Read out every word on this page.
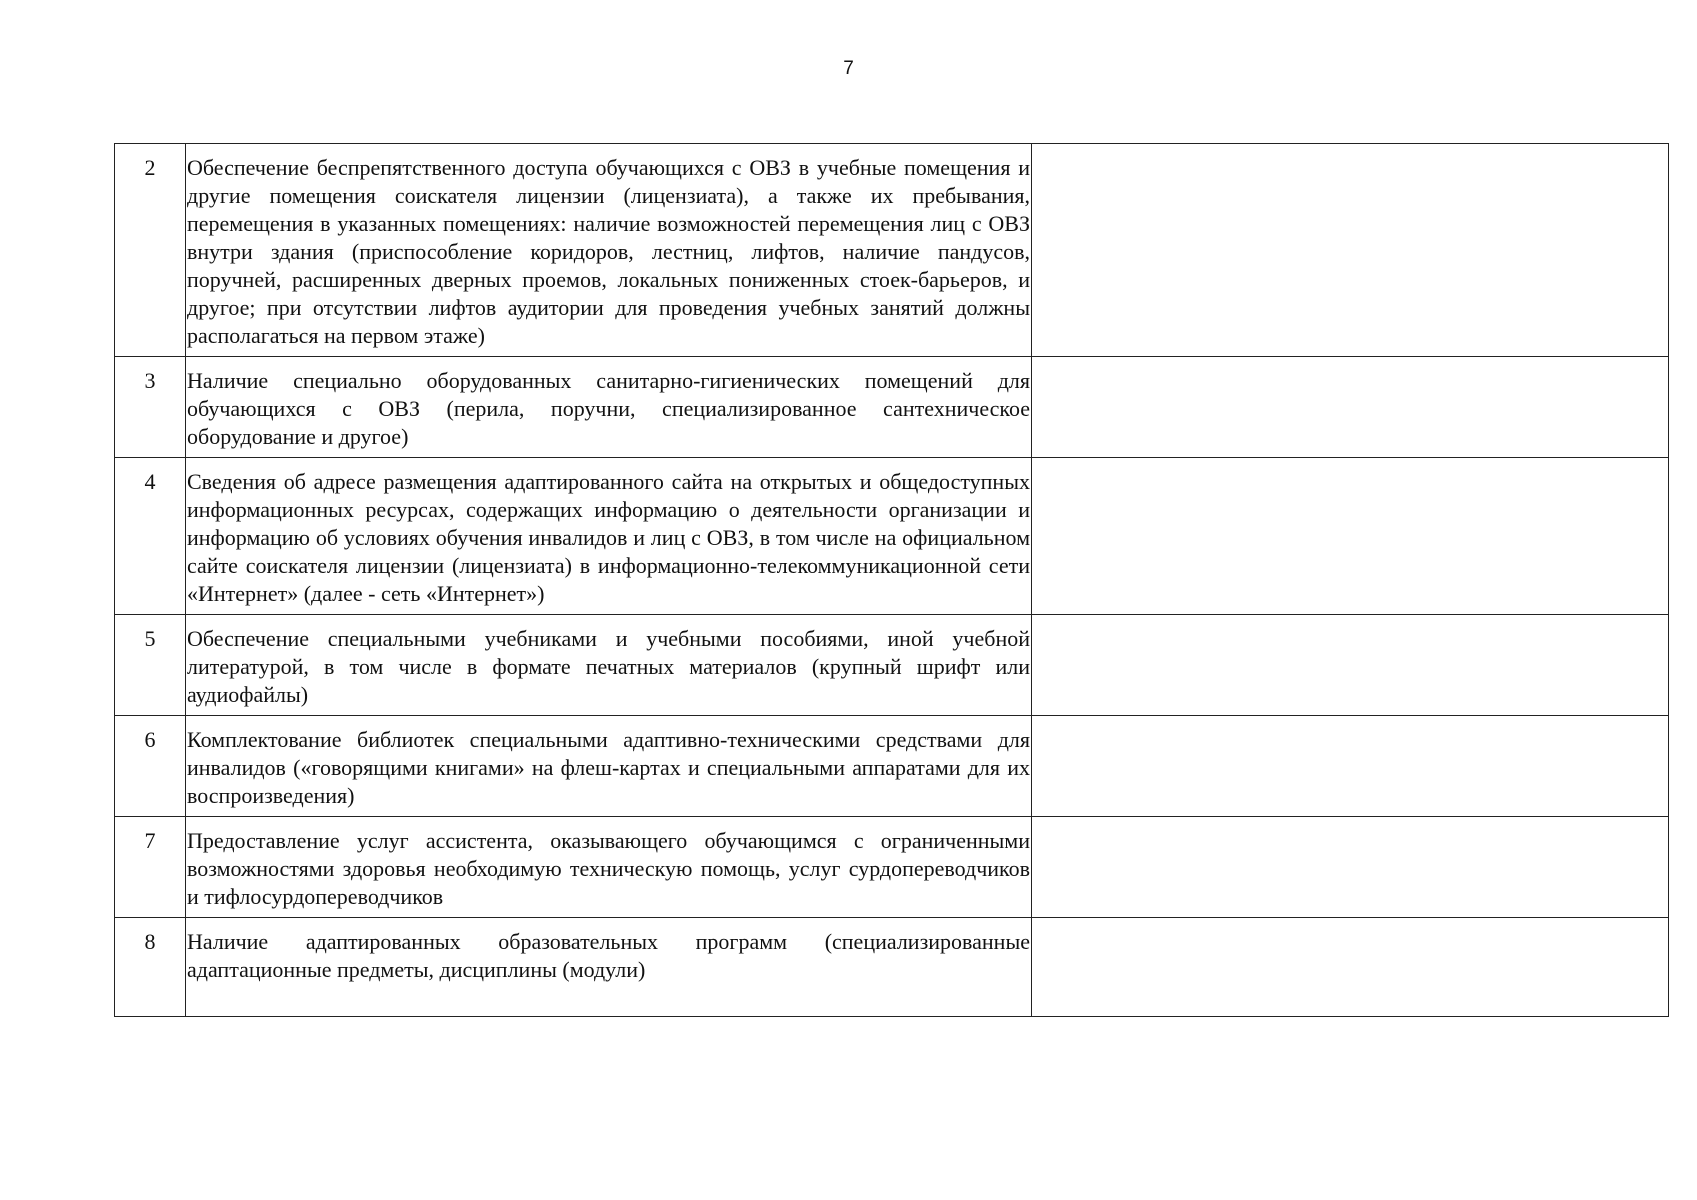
7
2	Обеспечение беспрепятственного доступа обучающихся с ОВЗ в учебные помещения и другие помещения соискателя лицензии (лицензиата), а также их пребывания, перемещения в указанных помещениях: наличие возможностей перемещения лиц с ОВЗ внутри здания (приспособление коридоров, лестниц, лифтов, наличие пандусов, поручней, расширенных дверных проемов, локальных пониженных стоек-барьеров, и другое; при отсутствии лифтов аудитории для проведения учебных занятий должны располагаться на первом этаже)	
3	Наличие специально оборудованных санитарно-гигиенических помещений для обучающихся с ОВЗ (перила, поручни, специализированное сантехническое оборудование и другое)	
4	Сведения об адресе размещения адаптированного сайта на открытых и общедоступных информационных ресурсах, содержащих информацию о деятельности организации и информацию об условиях обучения инвалидов и лиц с ОВЗ, в том числе на официальном сайте соискателя лицензии (лицензиата) в информационно-телекоммуникационной сети «Интернет» (далее - сеть «Интернет»)	
5	Обеспечение специальными учебниками и учебными пособиями, иной учебной литературой, в том числе в формате печатных материалов (крупный шрифт или аудиофайлы)	
6	Комплектование библиотек специальными адаптивно-техническими средствами для инвалидов («говорящими книгами» на флеш-картах и специальными аппаратами для их воспроизведения)	
7	Предоставление услуг ассистента, оказывающего обучающимся с ограниченными возможностями здоровья необходимую техническую помощь, услуг сурдопереводчиков и тифлосурдопереводчиков	
8	Наличие адаптированных образовательных программ (специализированные адаптационные предметы, дисциплины (модули)	
